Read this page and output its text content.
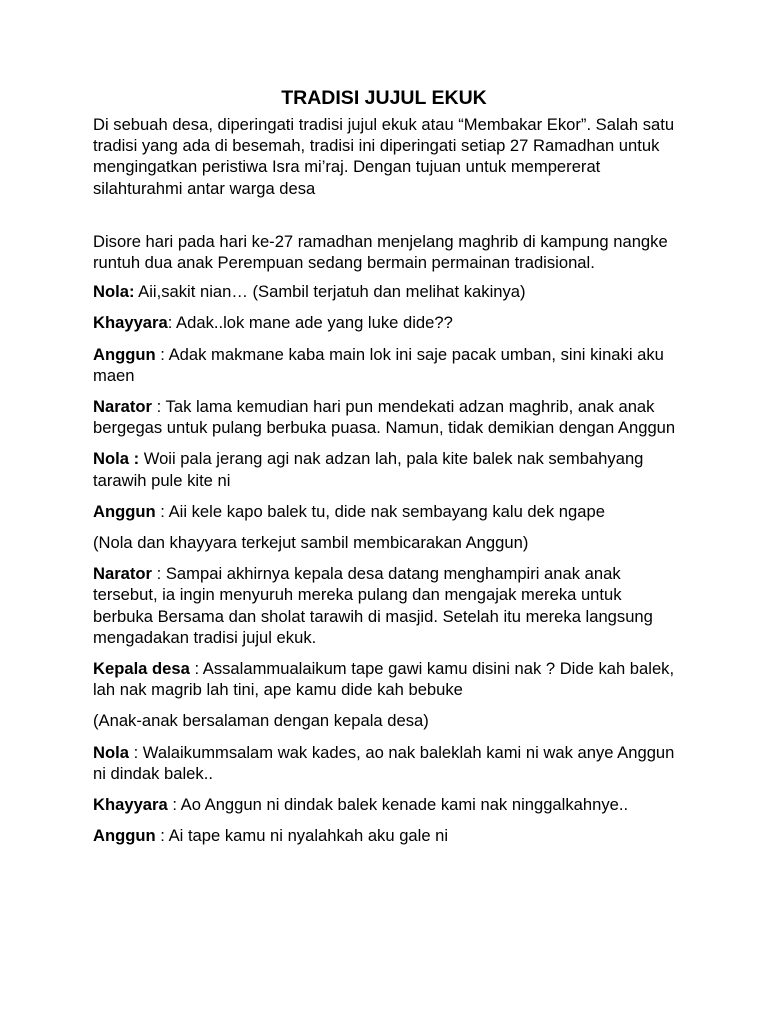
TRADISI JUJUL EKUK

Di sebuah desa, diperingati tradisi jujul ekuk atau “Membakar Ekor”. Salah satu tradisi yang ada di besemah, tradisi ini diperingati setiap 27 Ramadhan untuk mengingatkan peristiwa Isra mi’raj. Dengan tujuan untuk mempererat silahturahmi antar warga desa

Disore hari pada hari ke-27 ramadhan menjelang maghrib di kampung nangke runtuh dua anak Perempuan sedang bermain permainan tradisional.

Nola: Aii,sakit nian… (Sambil terjatuh dan melihat kakinya)

Khayyara: Adak..lok mane ade yang luke dide??

Anggun : Adak makmane kaba main lok ini saje pacak umban, sini kinaki aku maen

Narator : Tak lama kemudian hari pun mendekati adzan maghrib, anak anak bergegas untuk pulang berbuka puasa. Namun, tidak demikian dengan Anggun

Nola : Woii pala jerang agi nak adzan lah, pala kite balek nak sembahyang tarawih pule kite ni

Anggun : Aii kele kapo balek tu, dide nak sembayang kalu dek ngape

(Nola dan khayyara terkejut sambil membicarakan Anggun)

Narator : Sampai akhirnya kepala desa datang menghampiri anak anak tersebut, ia ingin menyuruh mereka pulang dan mengajak mereka untuk berbuka Bersama dan sholat tarawih di masjid. Setelah itu mereka langsung mengadakan tradisi jujul ekuk.

Kepala desa : Assalammualaikum tape gawi kamu disini nak ? Dide kah balek, lah nak magrib lah tini, ape kamu dide kah bebuke

(Anak-anak bersalaman dengan kepala desa)

Nola : Walaikummsalam wak kades, ao nak baleklah kami ni wak anye Anggun ni dindak balek..

Khayyara : Ao Anggun ni dindak balek kenade kami nak ninggalkahnye..

Anggun : Ai tape kamu ni nyalahkah aku gale ni
